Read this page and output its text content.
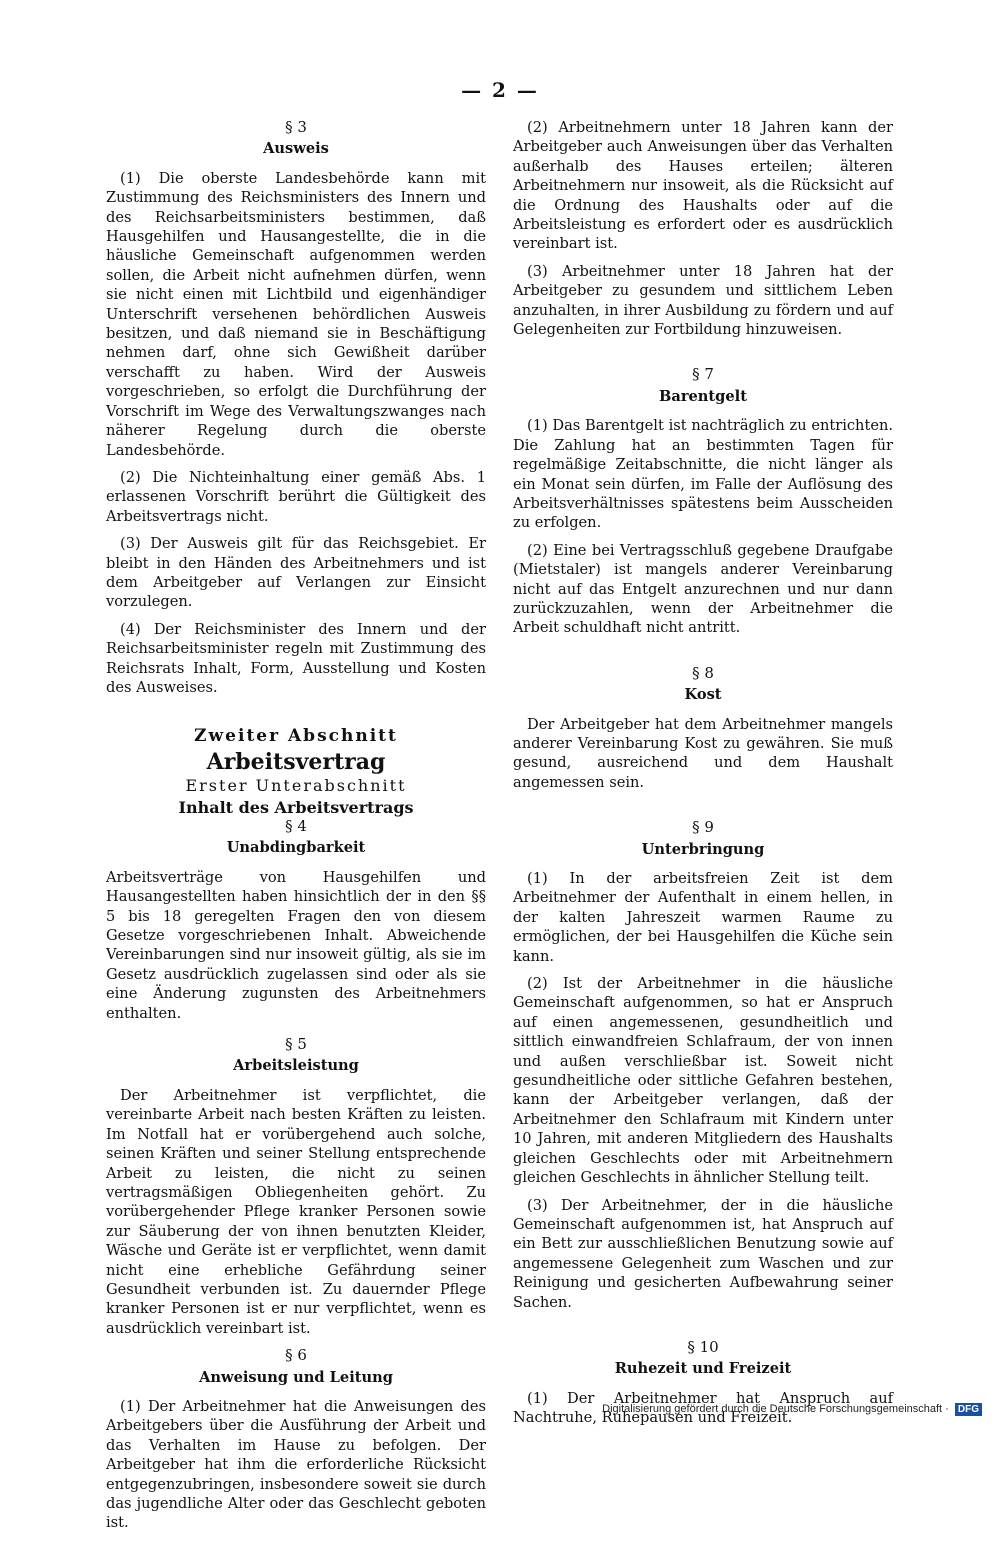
— 2 —

§ 3

Ausweis

(1) Die oberste Landesbehörde kann mit Zustimmung des Reichsministers des Innern und des Reichsarbeitsministers bestimmen, daß Hausgehilfen und Hausangestellte, die in die häusliche Gemeinschaft aufgenommen werden sollen, die Arbeit nicht aufnehmen dürfen, wenn sie nicht einen mit Lichtbild und eigenhändiger Unterschrift versehenen behördlichen Ausweis besitzen, und daß niemand sie in Beschäftigung nehmen darf, ohne sich Gewißheit darüber verschafft zu haben. Wird der Ausweis vorgeschrieben, so erfolgt die Durchführung der Vorschrift im Wege des Verwaltungszwanges nach näherer Regelung durch die oberste Landesbehörde.

(2) Die Nichteinhaltung einer gemäß Abs. 1 erlassenen Vorschrift berührt die Gültigkeit des Arbeitsvertrags nicht.

(3) Der Ausweis gilt für das Reichsgebiet. Er bleibt in den Händen des Arbeitnehmers und ist dem Arbeitgeber auf Verlangen zur Einsicht vorzulegen.

(4) Der Reichsminister des Innern und der Reichsarbeitsminister regeln mit Zustimmung des Reichsrats Inhalt, Form, Ausstellung und Kosten des Ausweises.

Zweiter Abschnitt

Arbeitsvertrag

Erster Unterabschnitt

Inhalt des Arbeitsvertrags

§ 4

Unabdingbarkeit

Arbeitsverträge von Hausgehilfen und Hausangestellten haben hinsichtlich der in den §§ 5 bis 18 geregelten Fragen den von diesem Gesetze vorgeschriebenen Inhalt. Abweichende Vereinbarungen sind nur insoweit gültig, als sie im Gesetz ausdrücklich zugelassen sind oder als sie eine Änderung zugunsten des Arbeitnehmers enthalten.

§ 5

Arbeitsleistung

Der Arbeitnehmer ist verpflichtet, die vereinbarte Arbeit nach besten Kräften zu leisten. Im Notfall hat er vorübergehend auch solche, seinen Kräften und seiner Stellung entsprechende Arbeit zu leisten, die nicht zu seinen vertragsmäßigen Obliegenheiten gehört. Zu vorübergehender Pflege kranker Personen sowie zur Säuberung der von ihnen benutzten Kleider, Wäsche und Geräte ist er verpflichtet, wenn damit nicht eine erhebliche Gefährdung seiner Gesundheit verbunden ist. Zu dauernder Pflege kranker Personen ist er nur verpflichtet, wenn es ausdrücklich vereinbart ist.

§ 6

Anweisung und Leitung

(1) Der Arbeitnehmer hat die Anweisungen des Arbeitgebers über die Ausführung der Arbeit und das Verhalten im Hause zu befolgen. Der Arbeitgeber hat ihm die erforderliche Rücksicht entgegenzubringen, insbesondere soweit sie durch das jugendliche Alter oder das Geschlecht geboten ist.

(2) Arbeitnehmern unter 18 Jahren kann der Arbeitgeber auch Anweisungen über das Verhalten außerhalb des Hauses erteilen; älteren Arbeitnehmern nur insoweit, als die Rücksicht auf die Ordnung des Haushalts oder auf die Arbeitsleistung es erfordert oder es ausdrücklich vereinbart ist.

(3) Arbeitnehmer unter 18 Jahren hat der Arbeitgeber zu gesundem und sittlichem Leben anzuhalten, in ihrer Ausbildung zu fördern und auf Gelegenheiten zur Fortbildung hinzuweisen.

§ 7

Barentgelt

(1) Das Barentgelt ist nachträglich zu entrichten. Die Zahlung hat an bestimmten Tagen für regelmäßige Zeitabschnitte, die nicht länger als ein Monat sein dürfen, im Falle der Auflösung des Arbeitsverhältnisses spätestens beim Ausscheiden zu erfolgen.

(2) Eine bei Vertragsschluß gegebene Draufgabe (Mietstaler) ist mangels anderer Vereinbarung nicht auf das Entgelt anzurechnen und nur dann zurückzuzahlen, wenn der Arbeitnehmer die Arbeit schuldhaft nicht antritt.

§ 8

Kost

Der Arbeitgeber hat dem Arbeitnehmer mangels anderer Vereinbarung Kost zu gewähren. Sie muß gesund, ausreichend und dem Haushalt angemessen sein.

§ 9

Unterbringung

(1) In der arbeitsfreien Zeit ist dem Arbeitnehmer der Aufenthalt in einem hellen, in der kalten Jahreszeit warmen Raume zu ermöglichen, der bei Hausgehilfen die Küche sein kann.

(2) Ist der Arbeitnehmer in die häusliche Gemeinschaft aufgenommen, so hat er Anspruch auf einen angemessenen, gesundheitlich und sittlich einwandfreien Schlafraum, der von innen und außen verschließbar ist. Soweit nicht gesundheitliche oder sittliche Gefahren bestehen, kann der Arbeitgeber verlangen, daß der Arbeitnehmer den Schlafraum mit Kindern unter 10 Jahren, mit anderen Mitgliedern des Haushalts gleichen Geschlechts oder mit Arbeitnehmern gleichen Geschlechts in ähnlicher Stellung teilt.

(3) Der Arbeitnehmer, der in die häusliche Gemeinschaft aufgenommen ist, hat Anspruch auf ein Bett zur ausschließlichen Benutzung sowie auf angemessene Gelegenheit zum Waschen und zur Reinigung und gesicherten Aufbewahrung seiner Sachen.

§ 10

Ruhezeit und Freizeit

(1) Der Arbeitnehmer hat Anspruch auf Nachtruhe, Ruhepausen und Freizeit.

Digitalisierung gefördert durch die Deutsche Forschungsgemeinschaft · DFG
